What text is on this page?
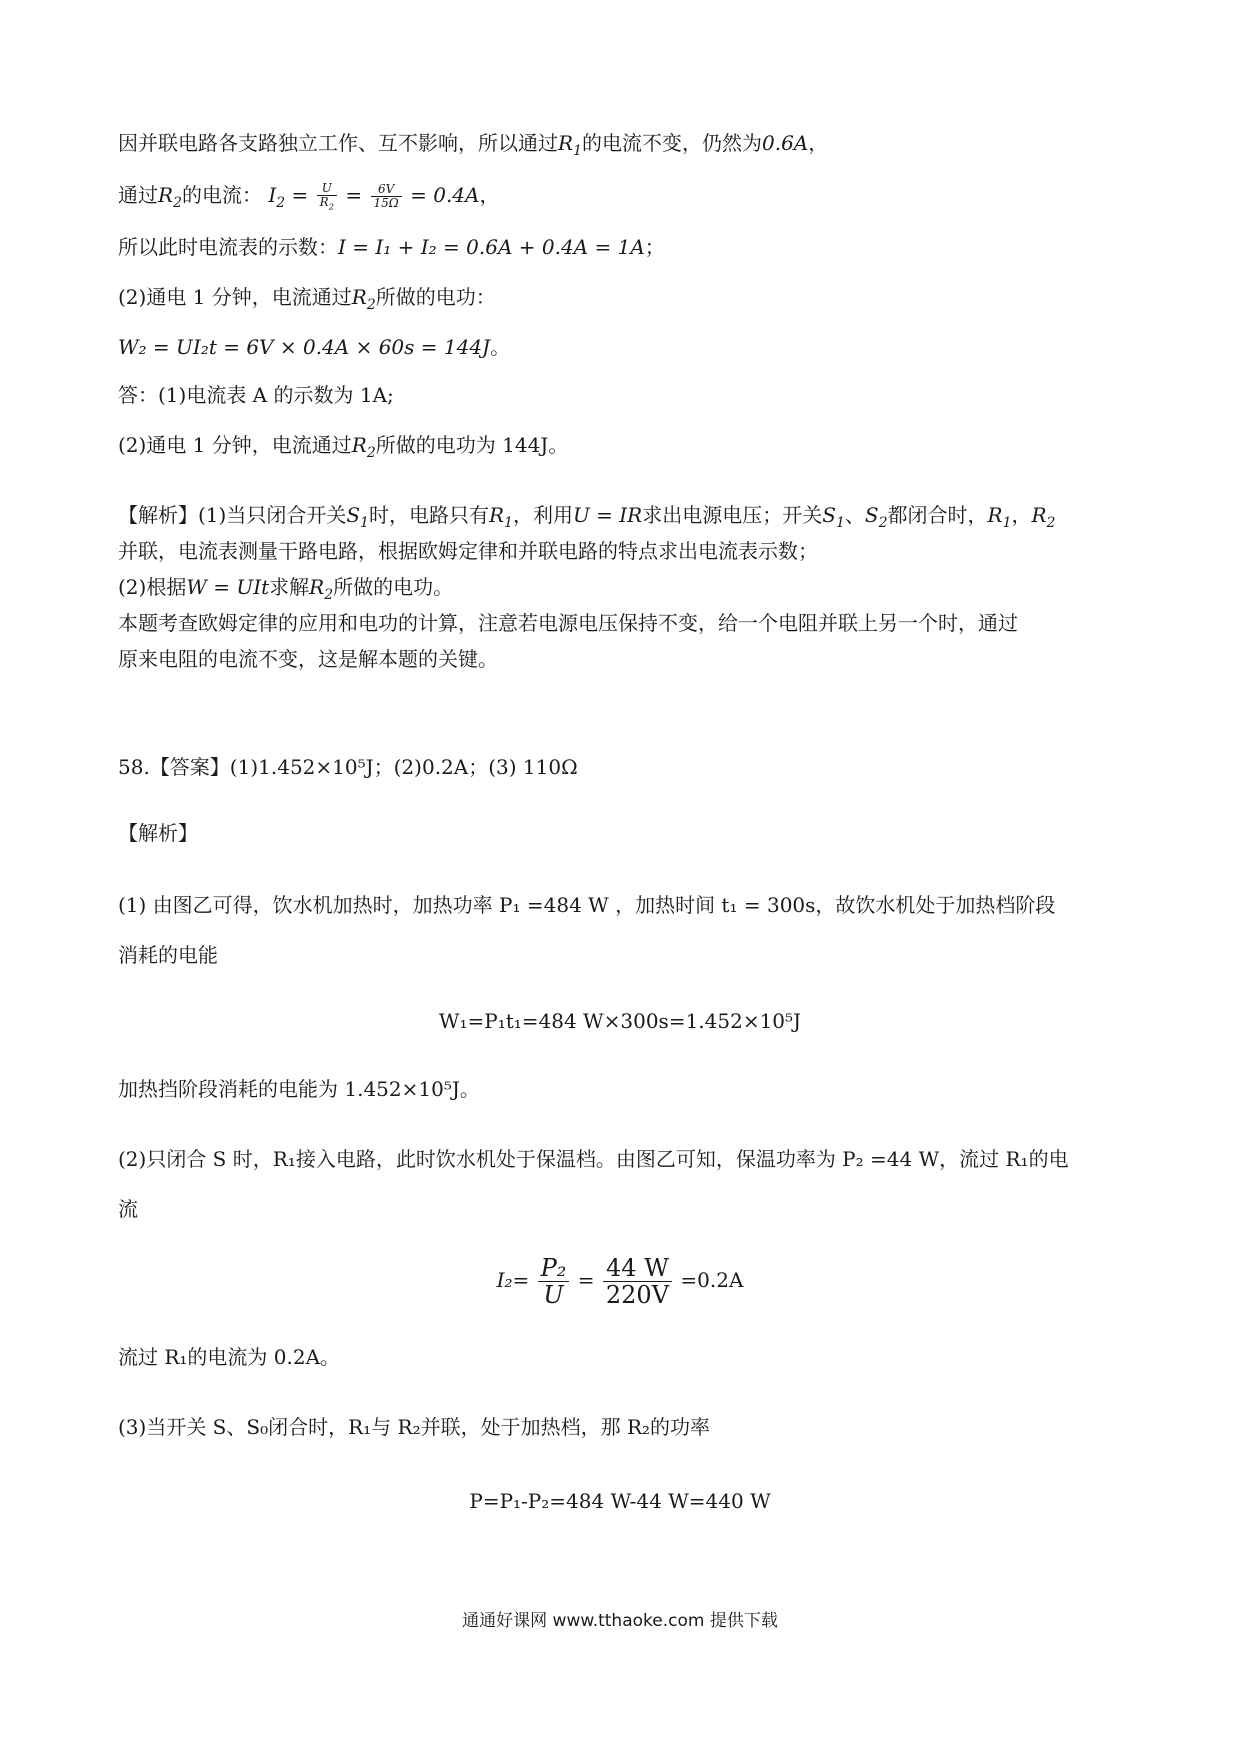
因并联电路各支路独立工作、互不影响，所以通过$R_1$的电流不变，仍然为0.6A，
通过$R_2$的电流： $I_2 = \frac{U}{R_2} = \frac{6V}{15\Omega} = 0.4A$，
所以此时电流表的示数：I = I₁ + I₂ = 0.6A + 0.4A = 1A；
(2)通电 1 分钟，电流通过$R_2$所做的电功：
W₂ = UI₂t = 6V × 0.4A × 60s = 144J。
答：(1)电流表 A 的示数为 1A;
(2)通电 1 分钟，电流通过$R_2$所做的电功为 144J。
【解析】(1)当只闭合开关$S_1$时，电路只有$R_1$，利用U = IR求出电源电压；开关$S_1$、$S_2$都闭合时，$R_1$，$R_2$
并联，电流表测量干路电路，根据欧姆定律和并联电路的特点求出电流表示数；
(2)根据W = UIt求解$R_2$所做的电功。
本题考查欧姆定律的应用和电功的计算，注意若电源电压保持不变，给一个电阻并联上另一个时，通过
原来电阻的电流不变，这是解本题的关键。
58.【答案】(1)1.452×10⁵J；(2)0.2A；(3) 110Ω
【解析】
(1) 由图乙可得，饮水机加热时，加热功率 P₁ =484 W ，加热时间 t₁ = 300s，故饮水机处于加热档阶段
消耗的电能
W₁=P₁t₁=484 W×300s=1.452×10⁵J
加热挡阶段消耗的电能为 1.452×10⁵J。
(2)只闭合 S 时，R₁接入电路，此时饮水机处于保温档。由图乙可知，保温功率为 P₂ =44 W，流过 R₁的电
流
$I_2= \frac{\text{P₂}}{U} = \frac{44 W}{220V} =0.2A$
流过 R₁的电流为 0.2A。
(3)当开关 S、S₀闭合时，R₁与 R₂并联，处于加热档，那 R₂的功率
P=P₁-P₂=484 W-44 W=440 W
通通好课网 www.tthaoke.com 提供下载
